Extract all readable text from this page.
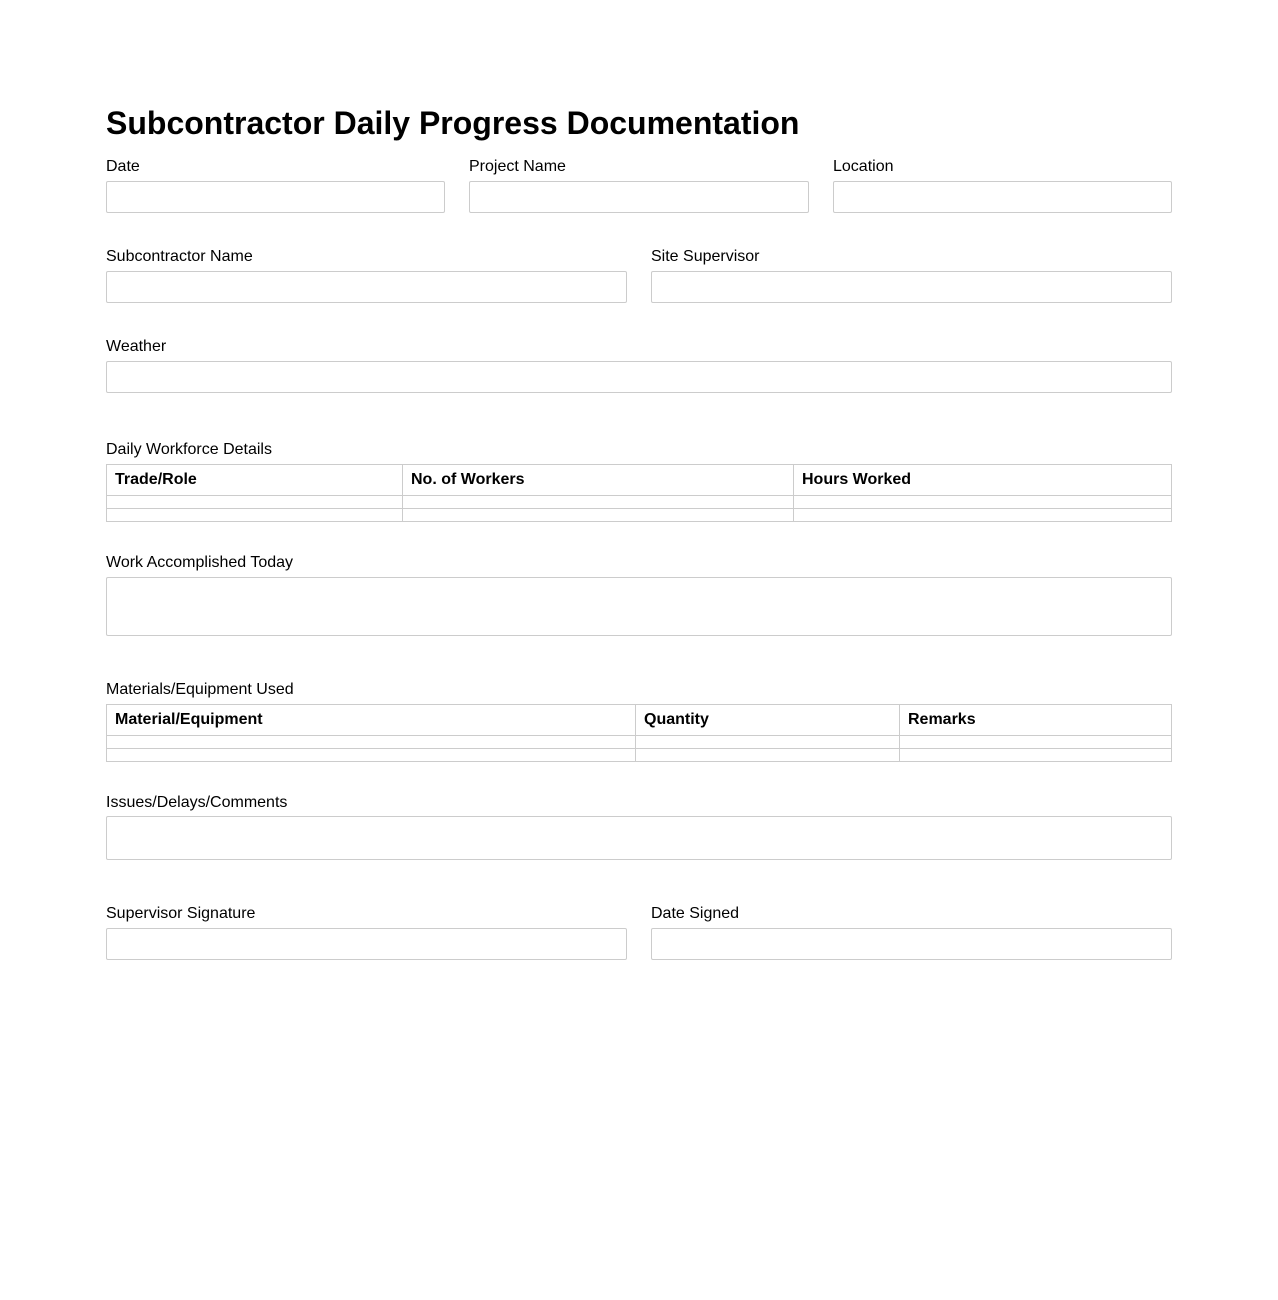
Subcontractor Daily Progress Documentation
Date	Project Name	Location
Subcontractor Name	Site Supervisor
Weather
Daily Workforce Details
Trade/Role	No. of Workers	Hours Worked

Work Accomplished Today
Materials/Equipment Used
Material/Equipment	Quantity	Remarks

Issues/Delays/Comments
Supervisor Signature	Date Signed
